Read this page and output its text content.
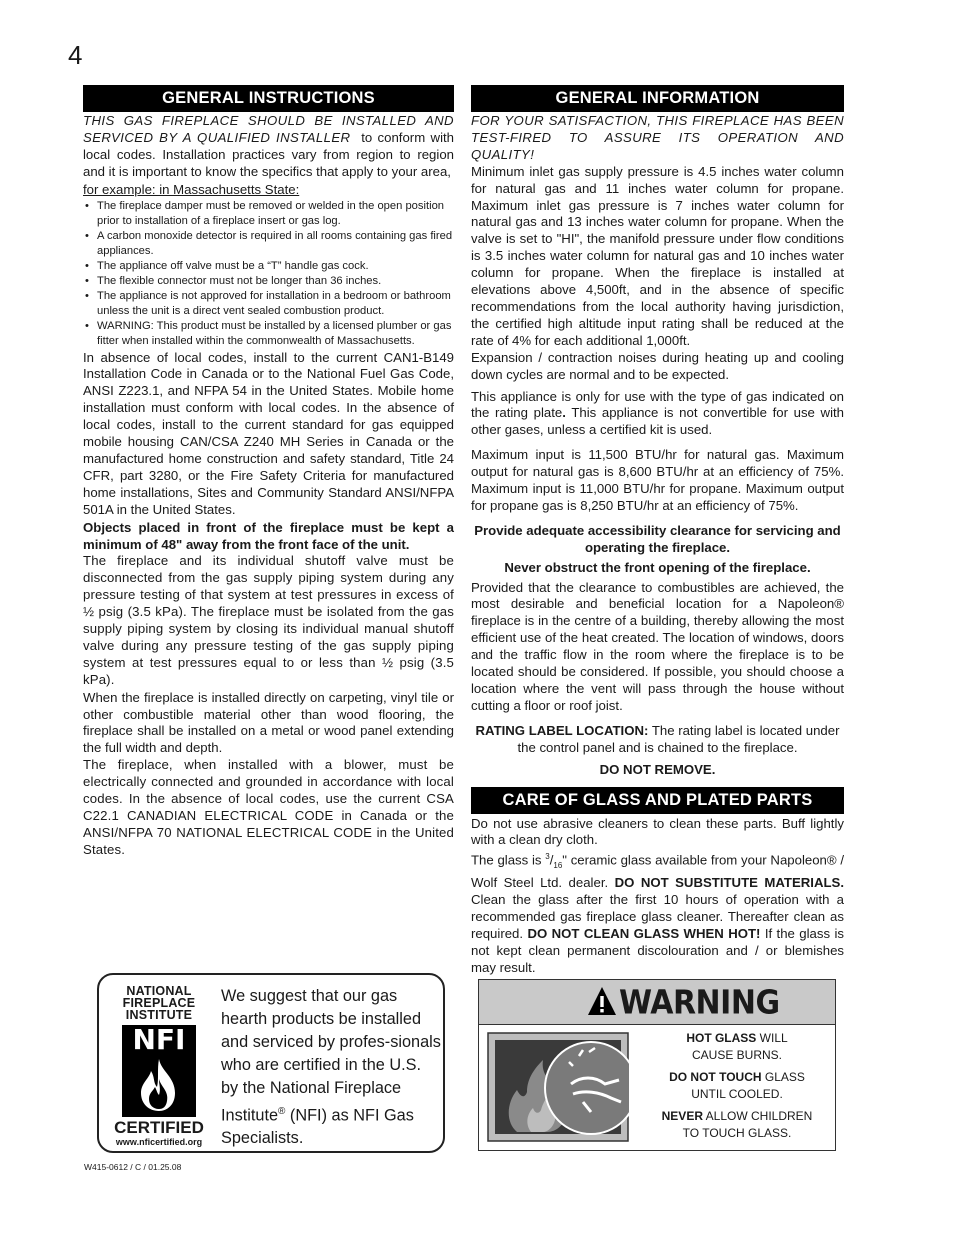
4
GENERAL INSTRUCTIONS

THIS GAS FIREPLACE SHOULD BE INSTALLED AND SERVICED BY A QUALIFIED INSTALLER to conform with local codes. Installation practices vary from region to region and it is important to know the specifics that apply to your area,

for example: in Massachusetts State:

• The fireplace damper must be removed or welded in the open position prior to installation of a fireplace insert or gas log.
• A carbon monoxide detector is required in all rooms containing gas fired appliances.
• The appliance off valve must be a “T” handle gas cock.
• The flexible connector must not be longer than 36 inches.
• The appliance is not approved for installation in a bedroom or bathroom unless the unit is a direct vent sealed combustion product.
• WARNING: This product must be installed by a licensed plumber or gas fitter when installed within the commonwealth of Massachusetts.

In absence of local codes, install to the current CAN1-B149 Installation Code in Canada or to the National Fuel Gas Code, ANSI Z223.1, and NFPA 54 in the United States. Mobile home installation must conform with local codes. In the absence of local codes, install to the current standard for gas equipped mobile housing CAN/CSA Z240 MH Series in Canada or the manufactured home construction and safety standard, Title 24 CFR, part 3280, or the Fire Safety Criteria for manufactured home installations, Sites and Community Standard ANSI/NFPA 501A in the United States.

Objects placed in front of the fireplace must be kept a minimum of 48" away from the front face of the unit.

The fireplace and its individual shutoff valve must be disconnected from the gas supply piping system during any pressure testing of that system at test pressures in excess of ½ psig (3.5 kPa). The fireplace must be isolated from the gas supply piping system by closing its individual manual shutoff valve during any pressure testing of the gas supply piping system at test pressures equal to or less than ½ psig (3.5 kPa).

When the fireplace is installed directly on carpeting, vinyl tile or other combustible material other than wood flooring, the fireplace shall be installed on a metal or wood panel extending the full width and depth.

The fireplace, when installed with a blower, must be electrically connected and grounded in accordance with local codes. In the absence of local codes, use the current CSA C22.1 CANADIAN ELECTRICAL CODE in Canada or the ANSI/NFPA 70 NATIONAL ELECTRICAL CODE in the United States.

GENERAL INFORMATION

FOR YOUR SATISFACTION, THIS FIREPLACE HAS BEEN TEST-FIRED TO ASSURE ITS OPERATION AND QUALITY!

Minimum inlet gas supply pressure is 4.5 inches water column for natural gas and 11 inches water column for propane. Maximum inlet gas pressure is 7 inches water column for natural gas and 13 inches water column for propane. When the valve is set to "HI", the manifold pressure under flow conditions is 3.5 inches water column for natural gas and 10 inches water column for propane. When the fireplace is installed at elevations above 4,500ft, and in the absence of specific recommendations from the local authority having jurisdiction, the certified high altitude input rating shall be reduced at the rate of 4% for each additional 1,000ft.

Expansion / contraction noises during heating up and cooling down cycles are normal and to be expected.

This appliance is only for use with the type of gas indicated on the rating plate. This appliance is not convertible for use with other gases, unless a certified kit is used.

Maximum input is 11,500 BTU/hr for natural gas. Maximum output for natural gas is 8,600 BTU/hr at an efficiency of 75%. Maximum input is 11,000 BTU/hr for propane. Maximum output for propane gas is 8,250 BTU/hr at an efficiency of 75%.

Provide adequate accessibility clearance for servicing and operating the fireplace.

Never obstruct the front opening of the fireplace.

Provided that the clearance to combustibles are achieved, the most desirable and beneficial location for a Napoleon® fireplace is in the centre of a building, thereby allowing the most efficient use of the heat created. The location of windows, doors and the traffic flow in the room where the fireplace is to be located should be considered. If possible, you should choose a location where the vent will pass through the house without cutting a floor or roof joist.

RATING LABEL LOCATION: The rating label is located under the control panel and is chained to the fireplace.

DO NOT REMOVE.

CARE OF GLASS AND PLATED PARTS

Do not use abrasive cleaners to clean these parts. Buff lightly with a clean dry cloth.

The glass is $^3/_{16}$" ceramic glass available from your Napoleon® / Wolf Steel Ltd. dealer. DO NOT SUBSTITUTE MATERIALS. Clean the glass after the first 10 hours of operation with a recommended gas fireplace glass cleaner. Thereafter clean as required. DO NOT CLEAN GLASS WHEN HOT! If the glass is not kept clean permanent discolouration and / or blemishes may result.

NATIONAL
FIREPLACE
INSTITUTE
NFI
CERTIFIED
www.nficertified.org
We suggest that our gas hearth products be installed and serviced by profes-sionals who are certified in the U.S. by the National Fireplace Institute® (NFI) as NFI Gas Specialists.
W415-0612 / C / 01.25.08
WARNING
HOT GLASS WILL
CAUSE BURNS.
DO NOT TOUCH GLASS
UNTIL COOLED.
NEVER ALLOW CHILDREN
TO TOUCH GLASS.
